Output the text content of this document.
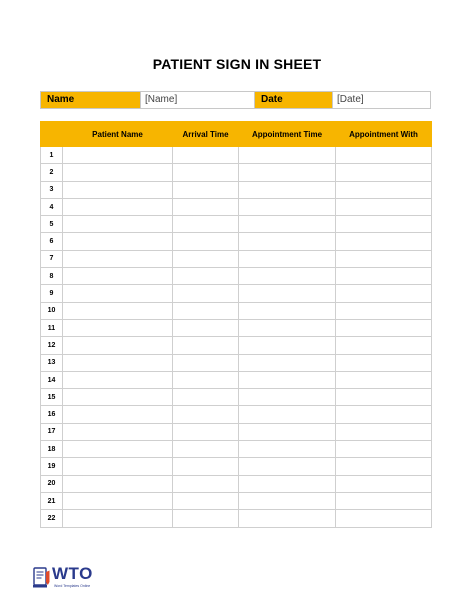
PATIENT SIGN IN SHEET
Name	[Name]	Date	[Date]
	Patient Name	Arrival Time	Appointment Time	Appointment With
1				
2				
3				
4				
5				
6				
7				
8				
9				
10				
11				
12				
13				
14				
15				
16				
17				
18				
19				
20				
21				
22				
WTO
Word Templates Online
